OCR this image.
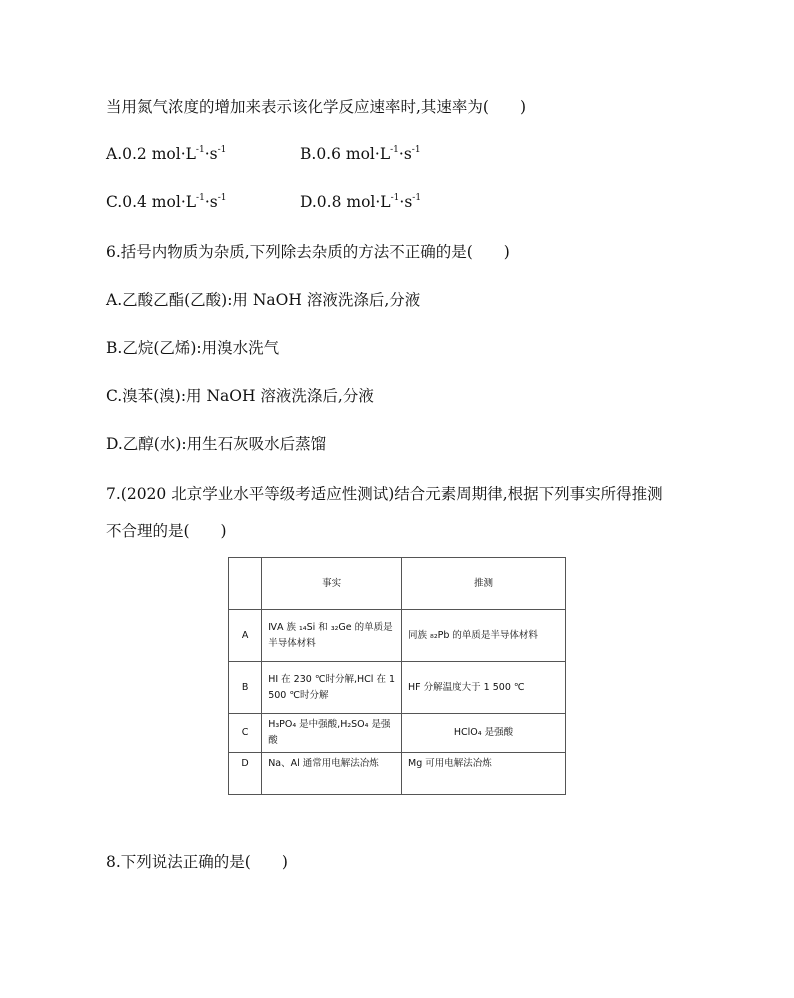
当用氮气浓度的增加来表示该化学反应速率时,其速率为(　　)
A.0.2 $mol\cdot L^{-1}\cdot s^{-1}$	B.0.6 $mol\cdot L^{-1}\cdot s^{-1}$
C.0.4 $mol\cdot L^{-1}\cdot s^{-1}$	D.0.8 $mol\cdot L^{-1}\cdot s^{-1}$
6.括号内物质为杂质,下列除去杂质的方法不正确的是(　　)
A.乙酸乙酯(乙酸):用 NaOH 溶液洗涤后,分液
B.乙烷(乙烯):用溴水洗气
C.溴苯(溴):用 NaOH 溶液洗涤后,分液
D.乙醇(水):用生石灰吸水后蒸馏
7.(2020 北京学业水平等级考适应性测试)结合元素周期律,根据下列事实所得推测
不合理的是(　　)
	事实	推测
A	ⅣA 族 ₁₄Si 和 ₃₂Ge 的单质是半导体材料	同族 ₈₂Pb 的单质是半导体材料
B	HI 在 230 ℃时分解,HCl 在 1 500 ℃时分解	HF 分解温度大于 1 500 ℃
C	H₃PO₄ 是中强酸,H₂SO₄ 是强酸	HClO₄ 是强酸
D	Na、Al 通常用电解法冶炼	Mg 可用电解法冶炼
8.下列说法正确的是(　　)
